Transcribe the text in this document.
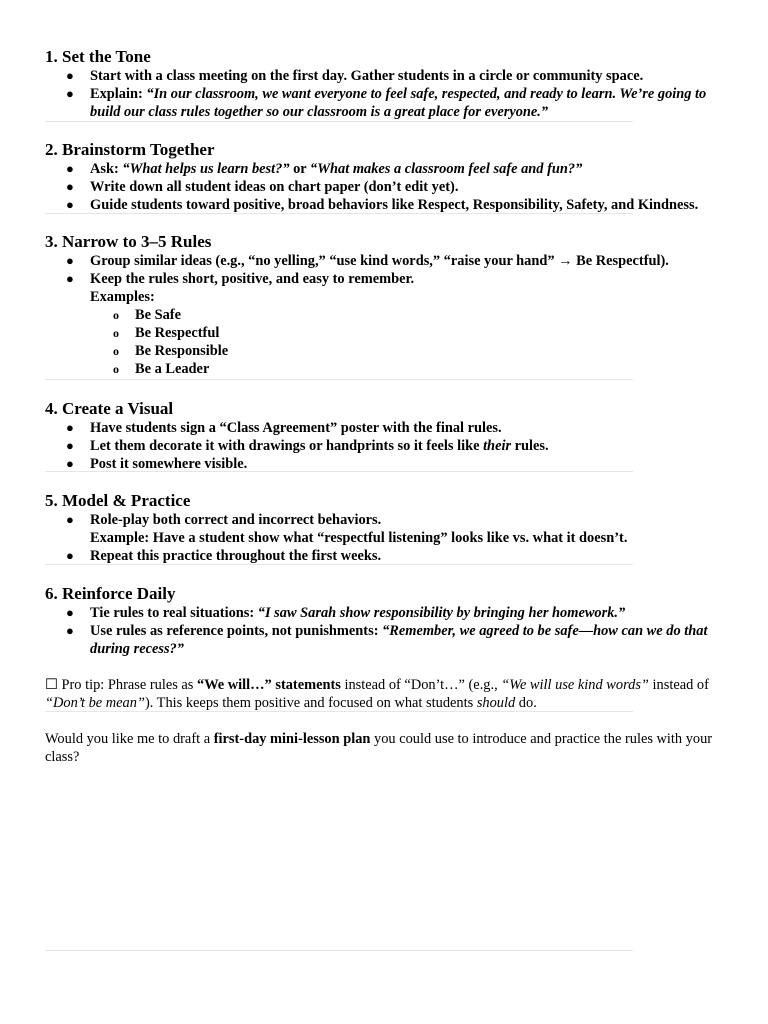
1. Set the Tone
● Start with a class meeting on the first day. Gather students in a circle or community space.
● Explain: “In our classroom, we want everyone to feel safe, respected, and ready to learn. We’re going to build our class rules together so our classroom is a great place for everyone.”
2. Brainstorm Together
● Ask: “What helps us learn best?” or “What makes a classroom feel safe and fun?”
● Write down all student ideas on chart paper (don’t edit yet).
● Guide students toward positive, broad behaviors like Respect, Responsibility, Safety, and Kindness.
3. Narrow to 3–5 Rules
● Group similar ideas (e.g., “no yelling,” “use kind words,” “raise your hand” → Be Respectful).
● Keep the rules short, positive, and easy to remember.
Examples:
o Be Safe
o Be Respectful
o Be Responsible
o Be a Leader
4. Create a Visual
● Have students sign a “Class Agreement” poster with the final rules.
● Let them decorate it with drawings or handprints so it feels like their rules.
● Post it somewhere visible.
5. Model & Practice
● Role-play both correct and incorrect behaviors.
Example: Have a student show what “respectful listening” looks like vs. what it doesn’t.
● Repeat this practice throughout the first weeks.
6. Reinforce Daily
● Tie rules to real situations: “I saw Sarah show responsibility by bringing her homework.”
● Use rules as reference points, not punishments: “Remember, we agreed to be safe—how can we do that during recess?”

☐ Pro tip: Phrase rules as “We will…” statements instead of “Don’t…” (e.g., “We will use kind words” instead of “Don’t be mean”). This keeps them positive and focused on what students should do.

Would you like me to draft a first-day mini-lesson plan you could use to introduce and practice the rules with your class?
